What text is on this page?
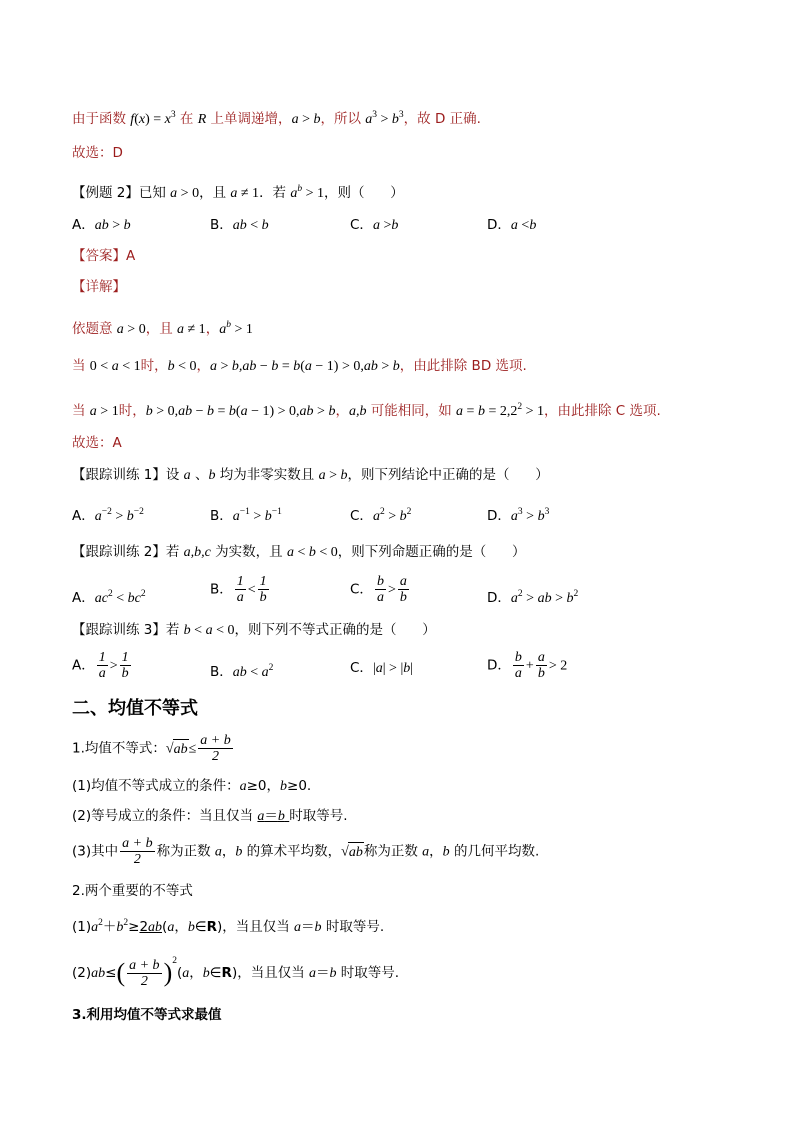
由于函数 $f(x) = x^3$ 在 R 上单调递增，a > b，所以 $a^3 > b^3$，故 D 正确.
故选：D
【例题 2】已知 a > 0，且 a ≠ 1．若 $a^b > 1$，则（      ）
A．ab > b	B．ab < b	C．a >b	D．a <b
【答案】A
【详解】
依题意 a > 0，且 a ≠ 1，$a^b > 1$
当 0 < a < 1时，b < 0，a > b,ab − b = b(a − 1) > 0,ab > b，由此排除 BD 选项.
当 a > 1时，b > 0,ab − b = b(a − 1) > 0,ab > b，a,b 可能相同，如 $a = b = 2,2^2 > 1$，由此排除 C 选项.
故选：A
【跟踪训练 1】设 a 、b 均为非零实数且 a > b，则下列结论中正确的是（      ）
A．$a^{-2} > b^{-2}$	B．$a^{-1} > b^{-1}$	C．$a^2 > b^2$	D．$a^3 > b^3$
【跟踪训练 2】若 a,b,c 为实数，且 a < b < 0，则下列命题正确的是（      ）
A．$ac^2 < bc^2$	B． $\frac{1}{a} < \frac{1}{b}$	C． $\frac{b}{a} > \frac{a}{b}$	D．$a^2$ > ab > $b^2$
【跟踪训练 3】若 b < a < 0，则下列不等式正确的是（      ）
A． $\frac{1}{a} > \frac{1}{b}$	B．ab < $a^2$	C．|a| > |b|	D． $\frac{b}{a} + \frac{a}{b} > 2$
二、均值不等式
1.均值不等式：$√ab\le \frac{a + b}{2}$
(1)均值不等式成立的条件：a≥0，b≥0.
(2)等号成立的条件：当且仅当 a＝b 时取等号.
(3)其中 $\frac{a + b}{2}$ 称为正数 a，b 的算术平均数，√ab称为正数 a，b 的几何平均数.
2.两个重要的不等式
$(1)a^2+b^2\ge 2ab(a$，b∈R)，当且仅当 a＝b 时取等号.
$(2)ab\le( \frac{a + b}{2} )^2(a$，b∈R)，当且仅当 a＝b 时取等号.
3.利用均值不等式求最值
